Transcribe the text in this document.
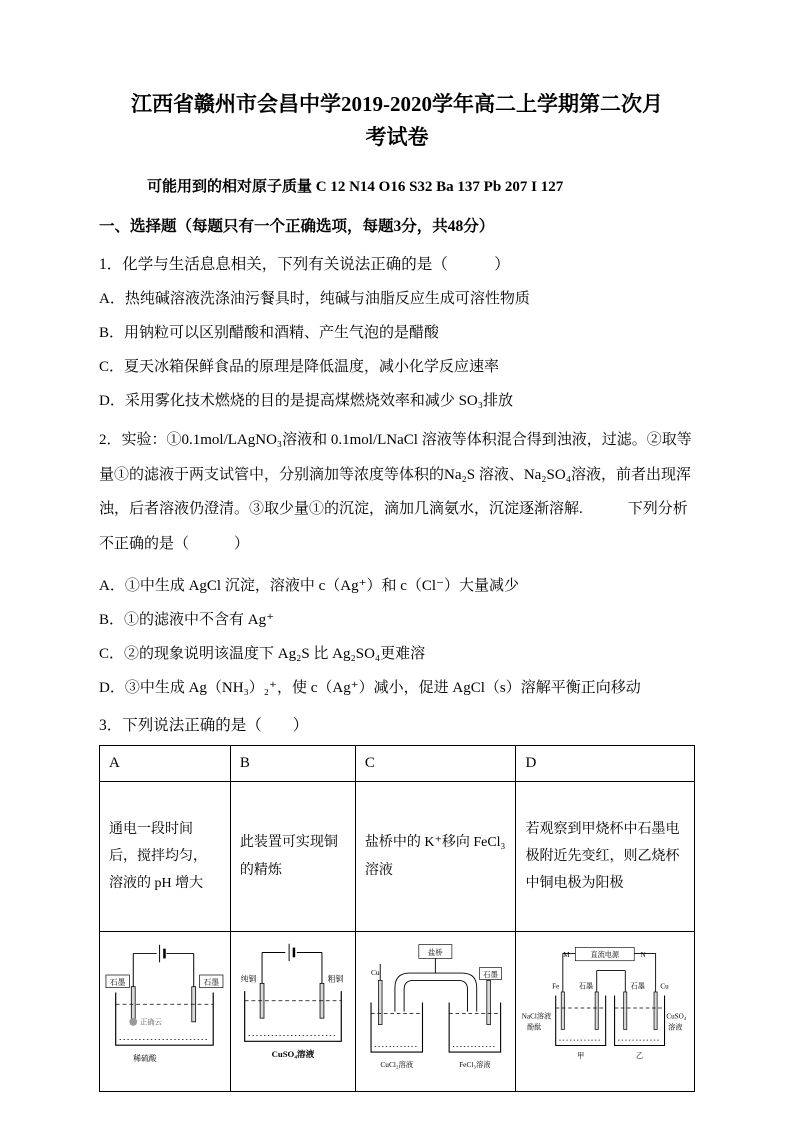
江西省赣州市会昌中学2019-2020学年高二上学期第二次月
考试卷
可能用到的相对原子质量 C 12 N14 O16 S32 Ba 137 Pb 207 I 127
一、选择题（每题只有一个正确选项，每题3分，共48分）
1．化学与生活息息相关，下列有关说法正确的是（　　　）
A．热纯碱溶液洗涤油污餐具时，纯碱与油脂反应生成可溶性物质
B．用钠粒可以区别醋酸和酒精、产生气泡的是醋酸
C．夏天冰箱保鲜食品的原理是降低温度，减小化学反应速率
D．采用雾化技术燃烧的目的是提高煤燃烧效率和减少 SO₃排放
2．实验：①0.1mol/LAgNO₃溶液和 0.1mol/LNaCl 溶液等体积混合得到浊液，过滤。②取等量①的滤液于两支试管中，分别滴加等浓度等体积的Na₂S 溶液、Na₂SO₄溶液，前者出现浑浊，后者溶液仍澄清。③取少量①的沉淀，滴加几滴氨水，沉淀逐渐溶解.　　　下列分析不正确的是（　　　）
A．①中生成 AgCl 沉淀，溶液中 c（Ag⁺）和 c（Cl⁻）大量减少
B．①的滤液中不含有 Ag⁺
C．②的现象说明该温度下 Ag₂S 比 Ag₂SO₄更难溶
D．③中生成 Ag（NH₃）₂⁺，使 c（Ag⁺）减小，促进 AgCl（s）溶解平衡正向移动
3．下列说法正确的是（　　）
A	B	C	D
通电一段时间后，搅拌均匀，溶液的 pH 增大	此装置可实现铜的精炼	盐桥中的 K⁺移向 FeCl₃溶液	若观察到甲烧杯中石墨电极附近先变红，则乙烧杯中铜电极为阳极

石墨	石墨
正确云
稀硫酸

纯铜	粗铜
CuSO₄溶液

盐桥
Cu	石墨
CuCl₂溶液	FeCl₃溶液

直流电源
M	N
Fe 石墨	石墨 Cu
NaCl溶液
酚酞
CuSO₄
溶液
甲	乙
